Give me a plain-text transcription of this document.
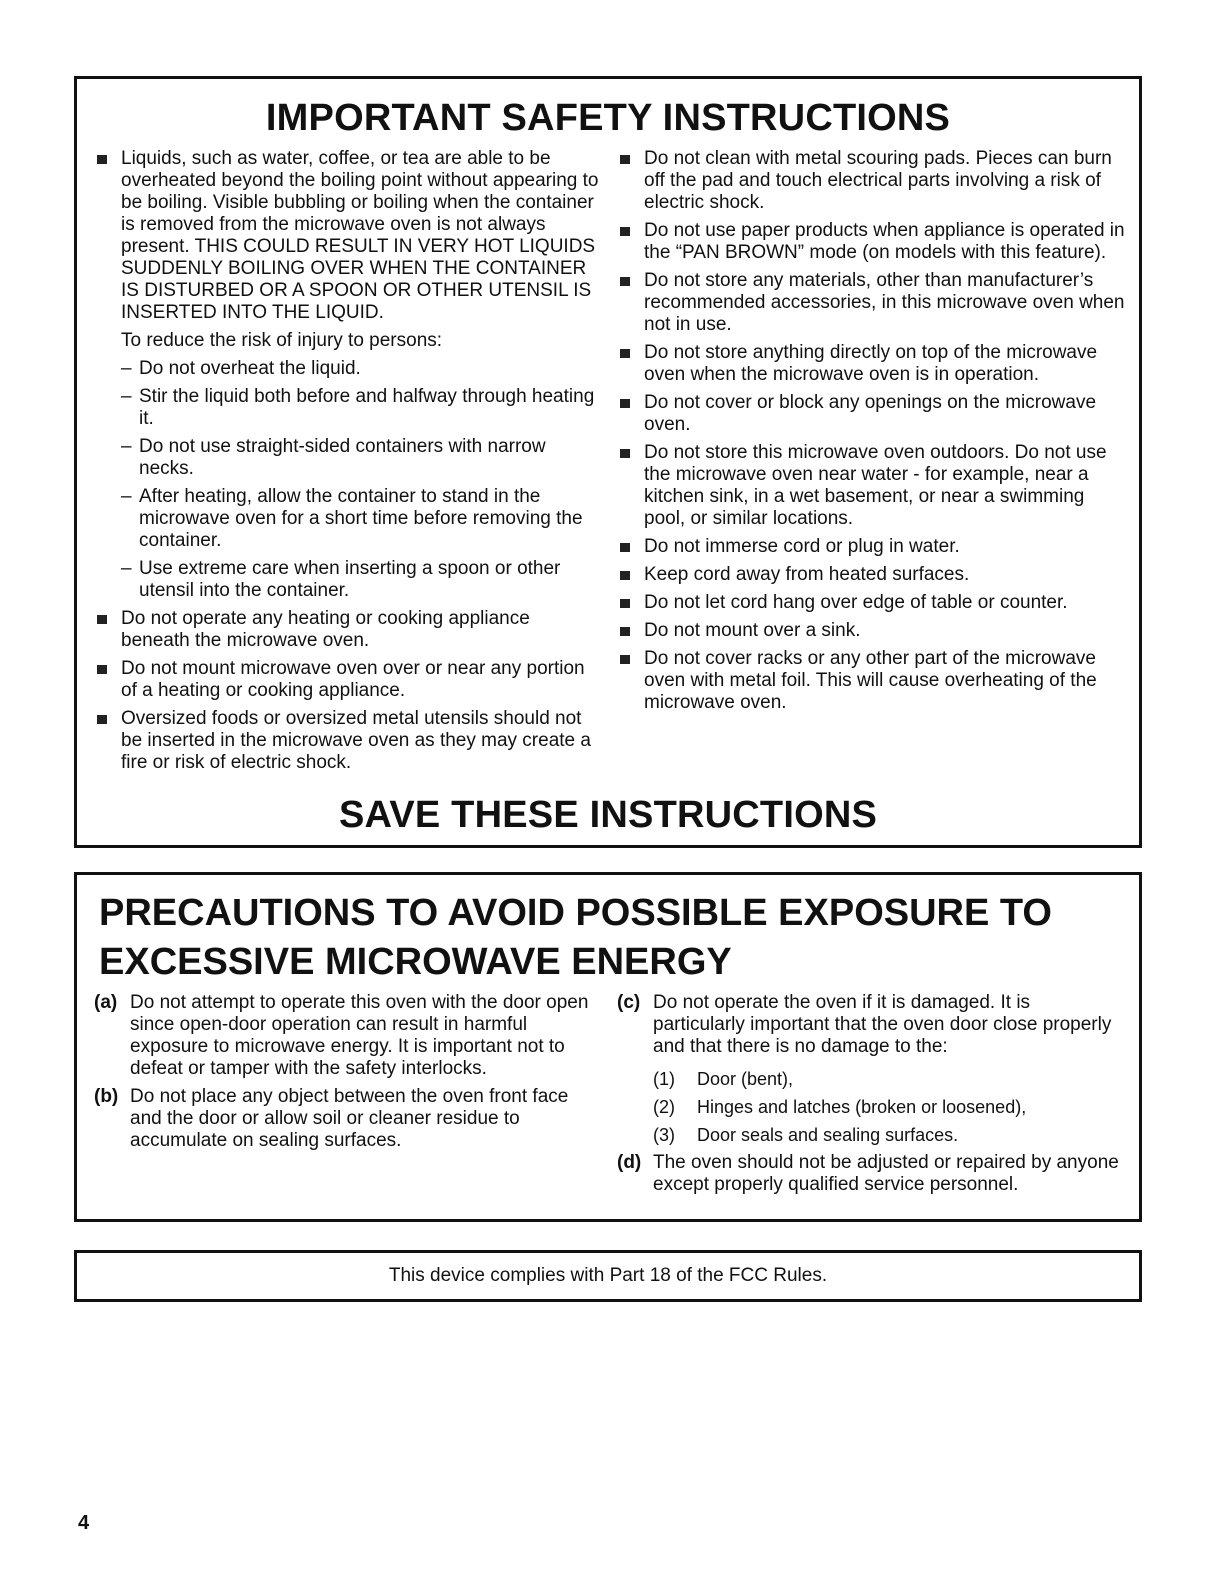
IMPORTANT SAFETY INSTRUCTIONS
Liquids, such as water, coffee, or tea are able to be overheated beyond the boiling point without appearing to be boiling. Visible bubbling or boiling when the container is removed from the microwave oven is not always present. THIS COULD RESULT IN VERY HOT LIQUIDS SUDDENLY BOILING OVER WHEN THE CONTAINER IS DISTURBED OR A SPOON OR OTHER UTENSIL IS INSERTED INTO THE LIQUID.
To reduce the risk of injury to persons:
– Do not overheat the liquid.
– Stir the liquid both before and halfway through heating it.
– Do not use straight-sided containers with narrow necks.
– After heating, allow the container to stand in the microwave oven for a short time before removing the container.
– Use extreme care when inserting a spoon or other utensil into the container.
Do not operate any heating or cooking appliance beneath the microwave oven.
Do not mount microwave oven over or near any portion of a heating or cooking appliance.
Oversized foods or oversized metal utensils should not be inserted in the microwave oven as they may create a fire or risk of electric shock.
Do not clean with metal scouring pads. Pieces can burn off the pad and touch electrical parts involving a risk of electric shock.
Do not use paper products when appliance is operated in the “PAN BROWN” mode (on models with this feature).
Do not store any materials, other than manufacturer’s recommended accessories, in this microwave oven when not in use.
Do not store anything directly on top of the microwave oven when the microwave oven is in operation.
Do not cover or block any openings on the microwave oven.
Do not store this microwave oven outdoors. Do not use the microwave oven near water - for example, near a kitchen sink, in a wet basement, or near a swimming pool, or similar locations.
Do not immerse cord or plug in water.
Keep cord away from heated surfaces.
Do not let cord hang over edge of table or counter.
Do not mount over a sink.
Do not cover racks or any other part of the microwave oven with metal foil. This will cause overheating of the microwave oven.
SAVE THESE INSTRUCTIONS
PRECAUTIONS TO AVOID POSSIBLE EXPOSURE TO EXCESSIVE MICROWAVE ENERGY
(a) Do not attempt to operate this oven with the door open since open-door operation can result in harmful exposure to microwave energy. It is important not to defeat or tamper with the safety interlocks.
(b) Do not place any object between the oven front face and the door or allow soil or cleaner residue to accumulate on sealing surfaces.
(c) Do not operate the oven if it is damaged. It is particularly important that the oven door close properly and that there is no damage to the:
(1) Door (bent),
(2) Hinges and latches (broken or loosened),
(3) Door seals and sealing surfaces.
(d) The oven should not be adjusted or repaired by anyone except properly qualified service personnel.
This device complies with Part 18 of the FCC Rules.
4
